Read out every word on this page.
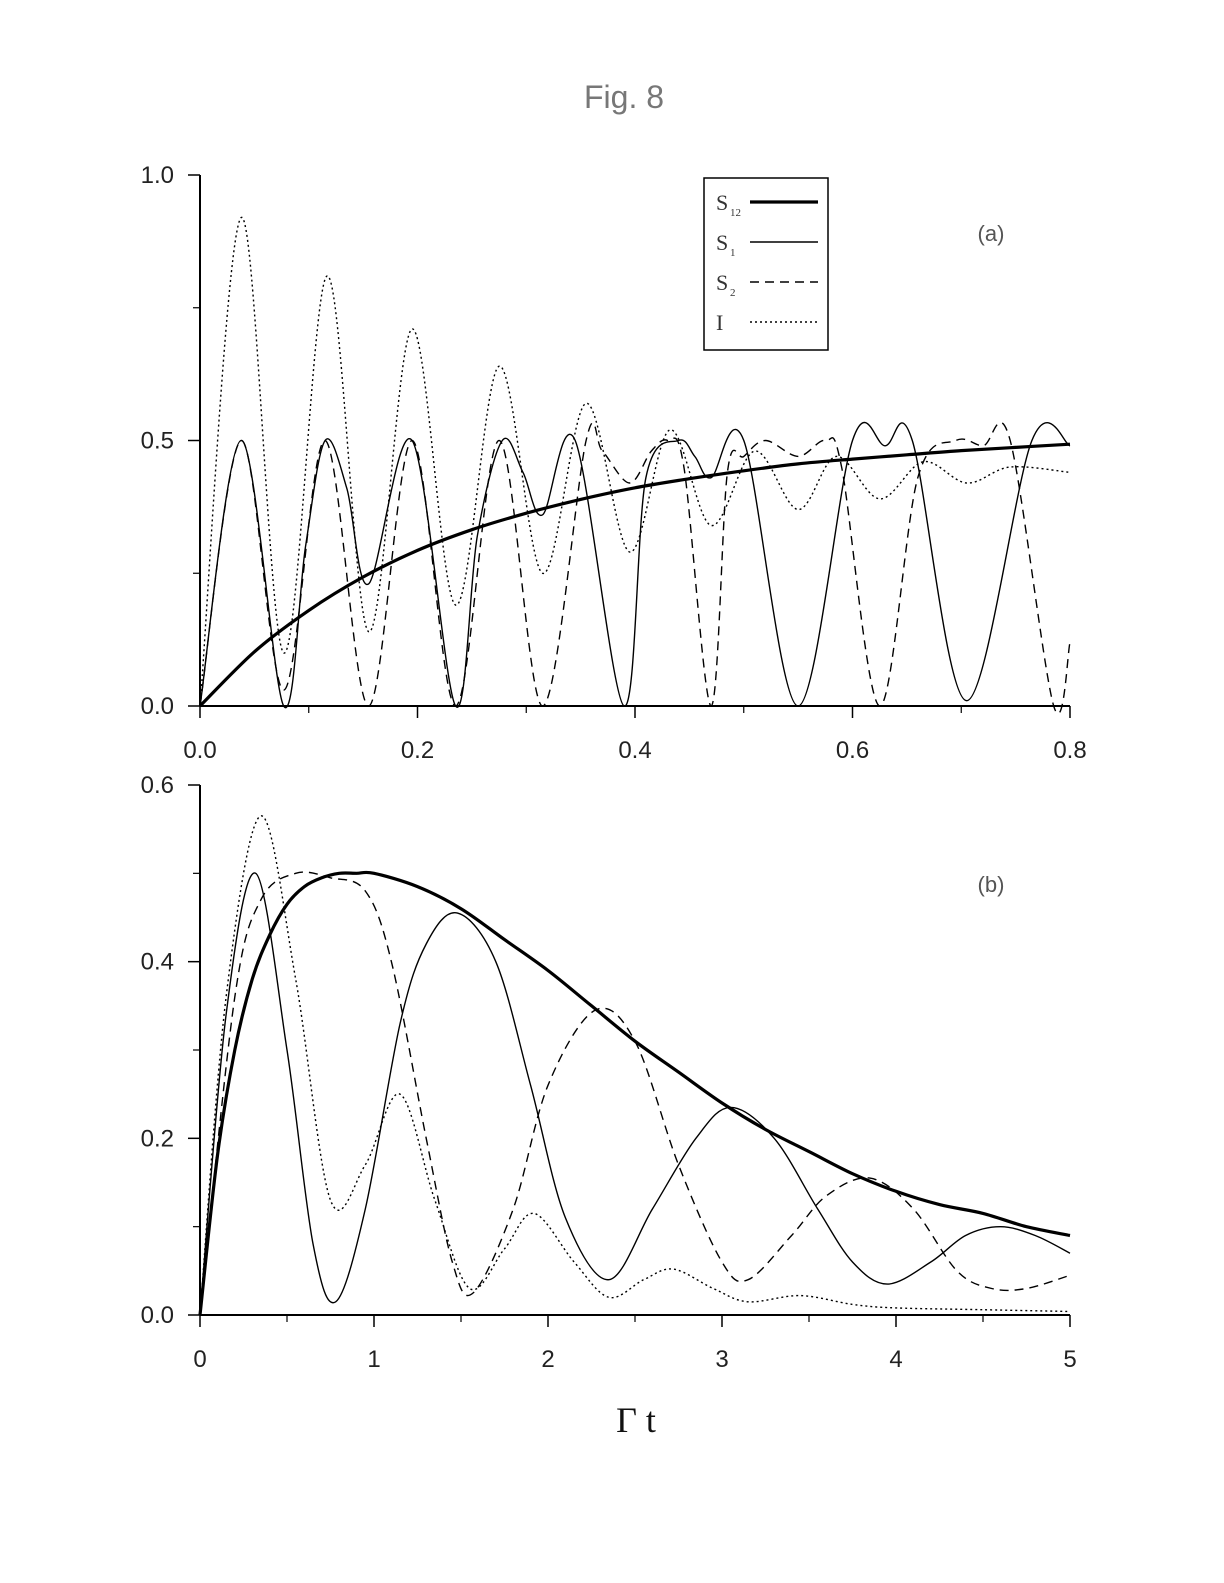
Fig. 8
0.0
0.5
1.0
0.0	0.2	0.4	0.6	0.8
0.0
0.2
0.4
0.6
0	1	2	3	4	5
S 12
S 1
S 2
I
(a)
(b)
Γ t
